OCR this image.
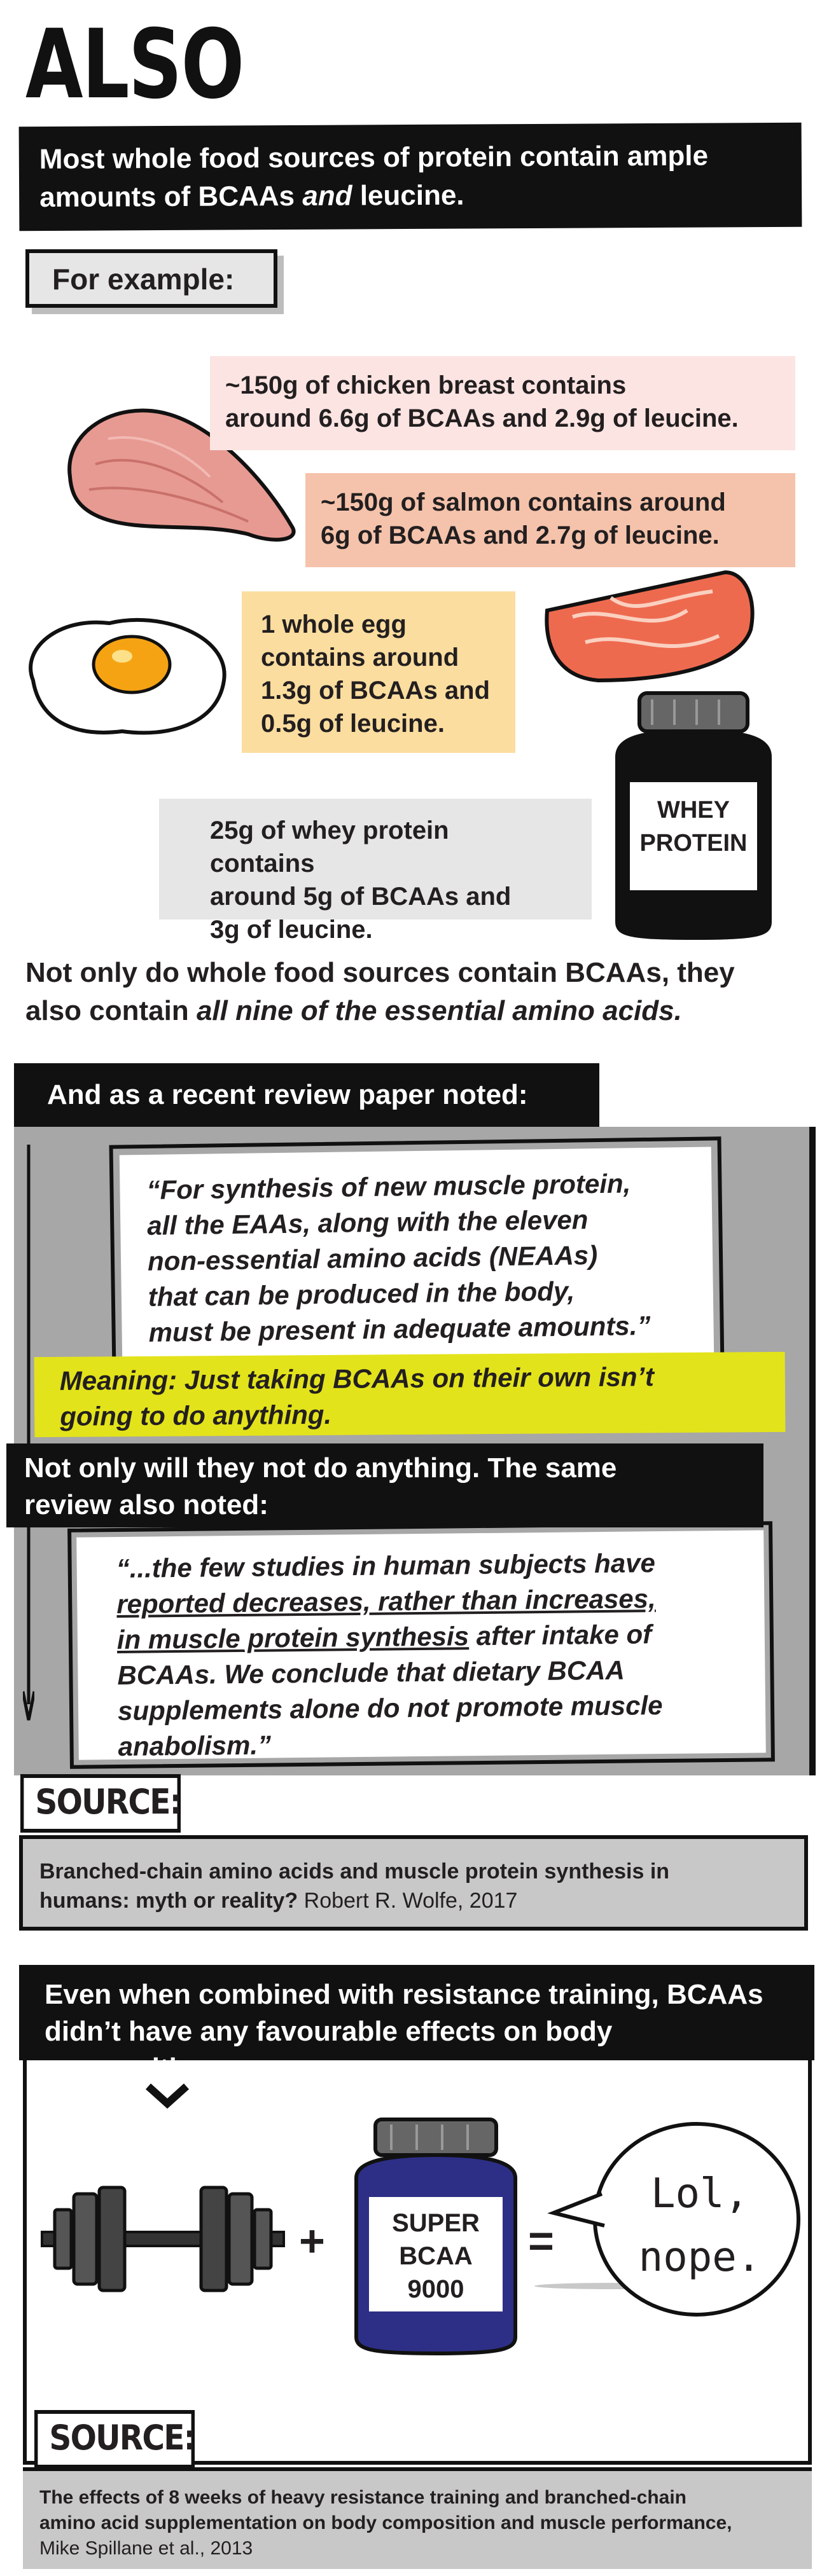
ALSO
Most whole food sources of protein contain ample
amounts of BCAAs and leucine.
For example:
WHEY
PROTEIN
~150g of chicken breast contains
around 6.6g of BCAAs and 2.9g of leucine.
~150g of salmon contains around
6g of BCAAs and 2.7g of leucine.
1 whole egg
contains around
1.3g of BCAAs and
0.5g of leucine.
25g of whey protein contains
around 5g of BCAAs and
3g of leucine.
Not only do whole food sources contain BCAAs, they
also contain all nine of the essential amino acids.
And as a recent review paper noted:
“For synthesis of new muscle protein,
all the EAAs, along with the eleven
non-essential amino acids (NEAAs)
that can be produced in the body,
must be present in adequate amounts.”
Meaning: Just taking BCAAs on their own isn’t
going to do anything.
Not only will they not do anything. The same
review also noted:
“...the few studies in human subjects have
reported decreases, rather than increases,
in muscle protein synthesis after intake of
BCAAs. We conclude that dietary BCAA
supplements alone do not promote muscle
anabolism.”
Branched-chain amino acids and muscle protein synthesis in
humans: myth or reality? Robert R. Wolfe, 2017
SOURCE:
Even when combined with resistance training, BCAAs
didn’t have any favourable effects on body composition.
+	SUPER
BCAA
9000
=
Lol,
nope.
The effects of 8 weeks of heavy resistance training and branched-chain
amino acid supplementation on body composition and muscle performance,
Mike Spillane et al., 2013
SOURCE:
